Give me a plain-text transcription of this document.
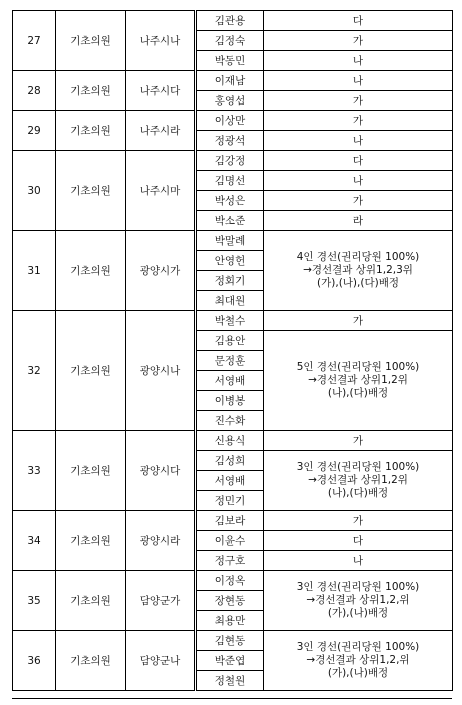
27	기초의원	나주시나	김관용	다
			김정숙	가
			박동민	나
28	기초의원	나주시다	이재남	나
			홍영섭	가
29	기초의원	나주시라	이상만	가
			정광석	나
30	기초의원	나주시마	김강정	다
			김명선	나
			박성은	가
			박소준	라
31	기초의원	광양시가	박말례	4인 경선(권리당원 100%)
→경선결과 상위1,2,3위
(가),(나),(다)배정
			안영헌	
			정회기	
			최대원	
32	기초의원	광양시나	박철수	가
			김용안	5인 경선(권리당원 100%)
→경선결과 상위1,2위
(나),(다)배정
			문정훈	
			서영배	
			이병봉	
			진수화	
33	기초의원	광양시다	신용식	가
			김성희	3인 경선(권리당원 100%)
→경선결과 상위1,2위
(나),(다)배정
			서영배	
			정민기	
34	기초의원	광양시라	김보라	가
			이윤수	다
			정구호	나
35	기초의원	담양군가	이정옥	3인 경선(권리당원 100%)
→경선결과 상위1,2,위
(가),(나)배정
			장현동	
			최용만	
36	기초의원	담양군나	김현동	3인 경선(권리당원 100%)
→경선결과 상위1,2,위
(가),(나)배정
			박준엽	
			정철원	
